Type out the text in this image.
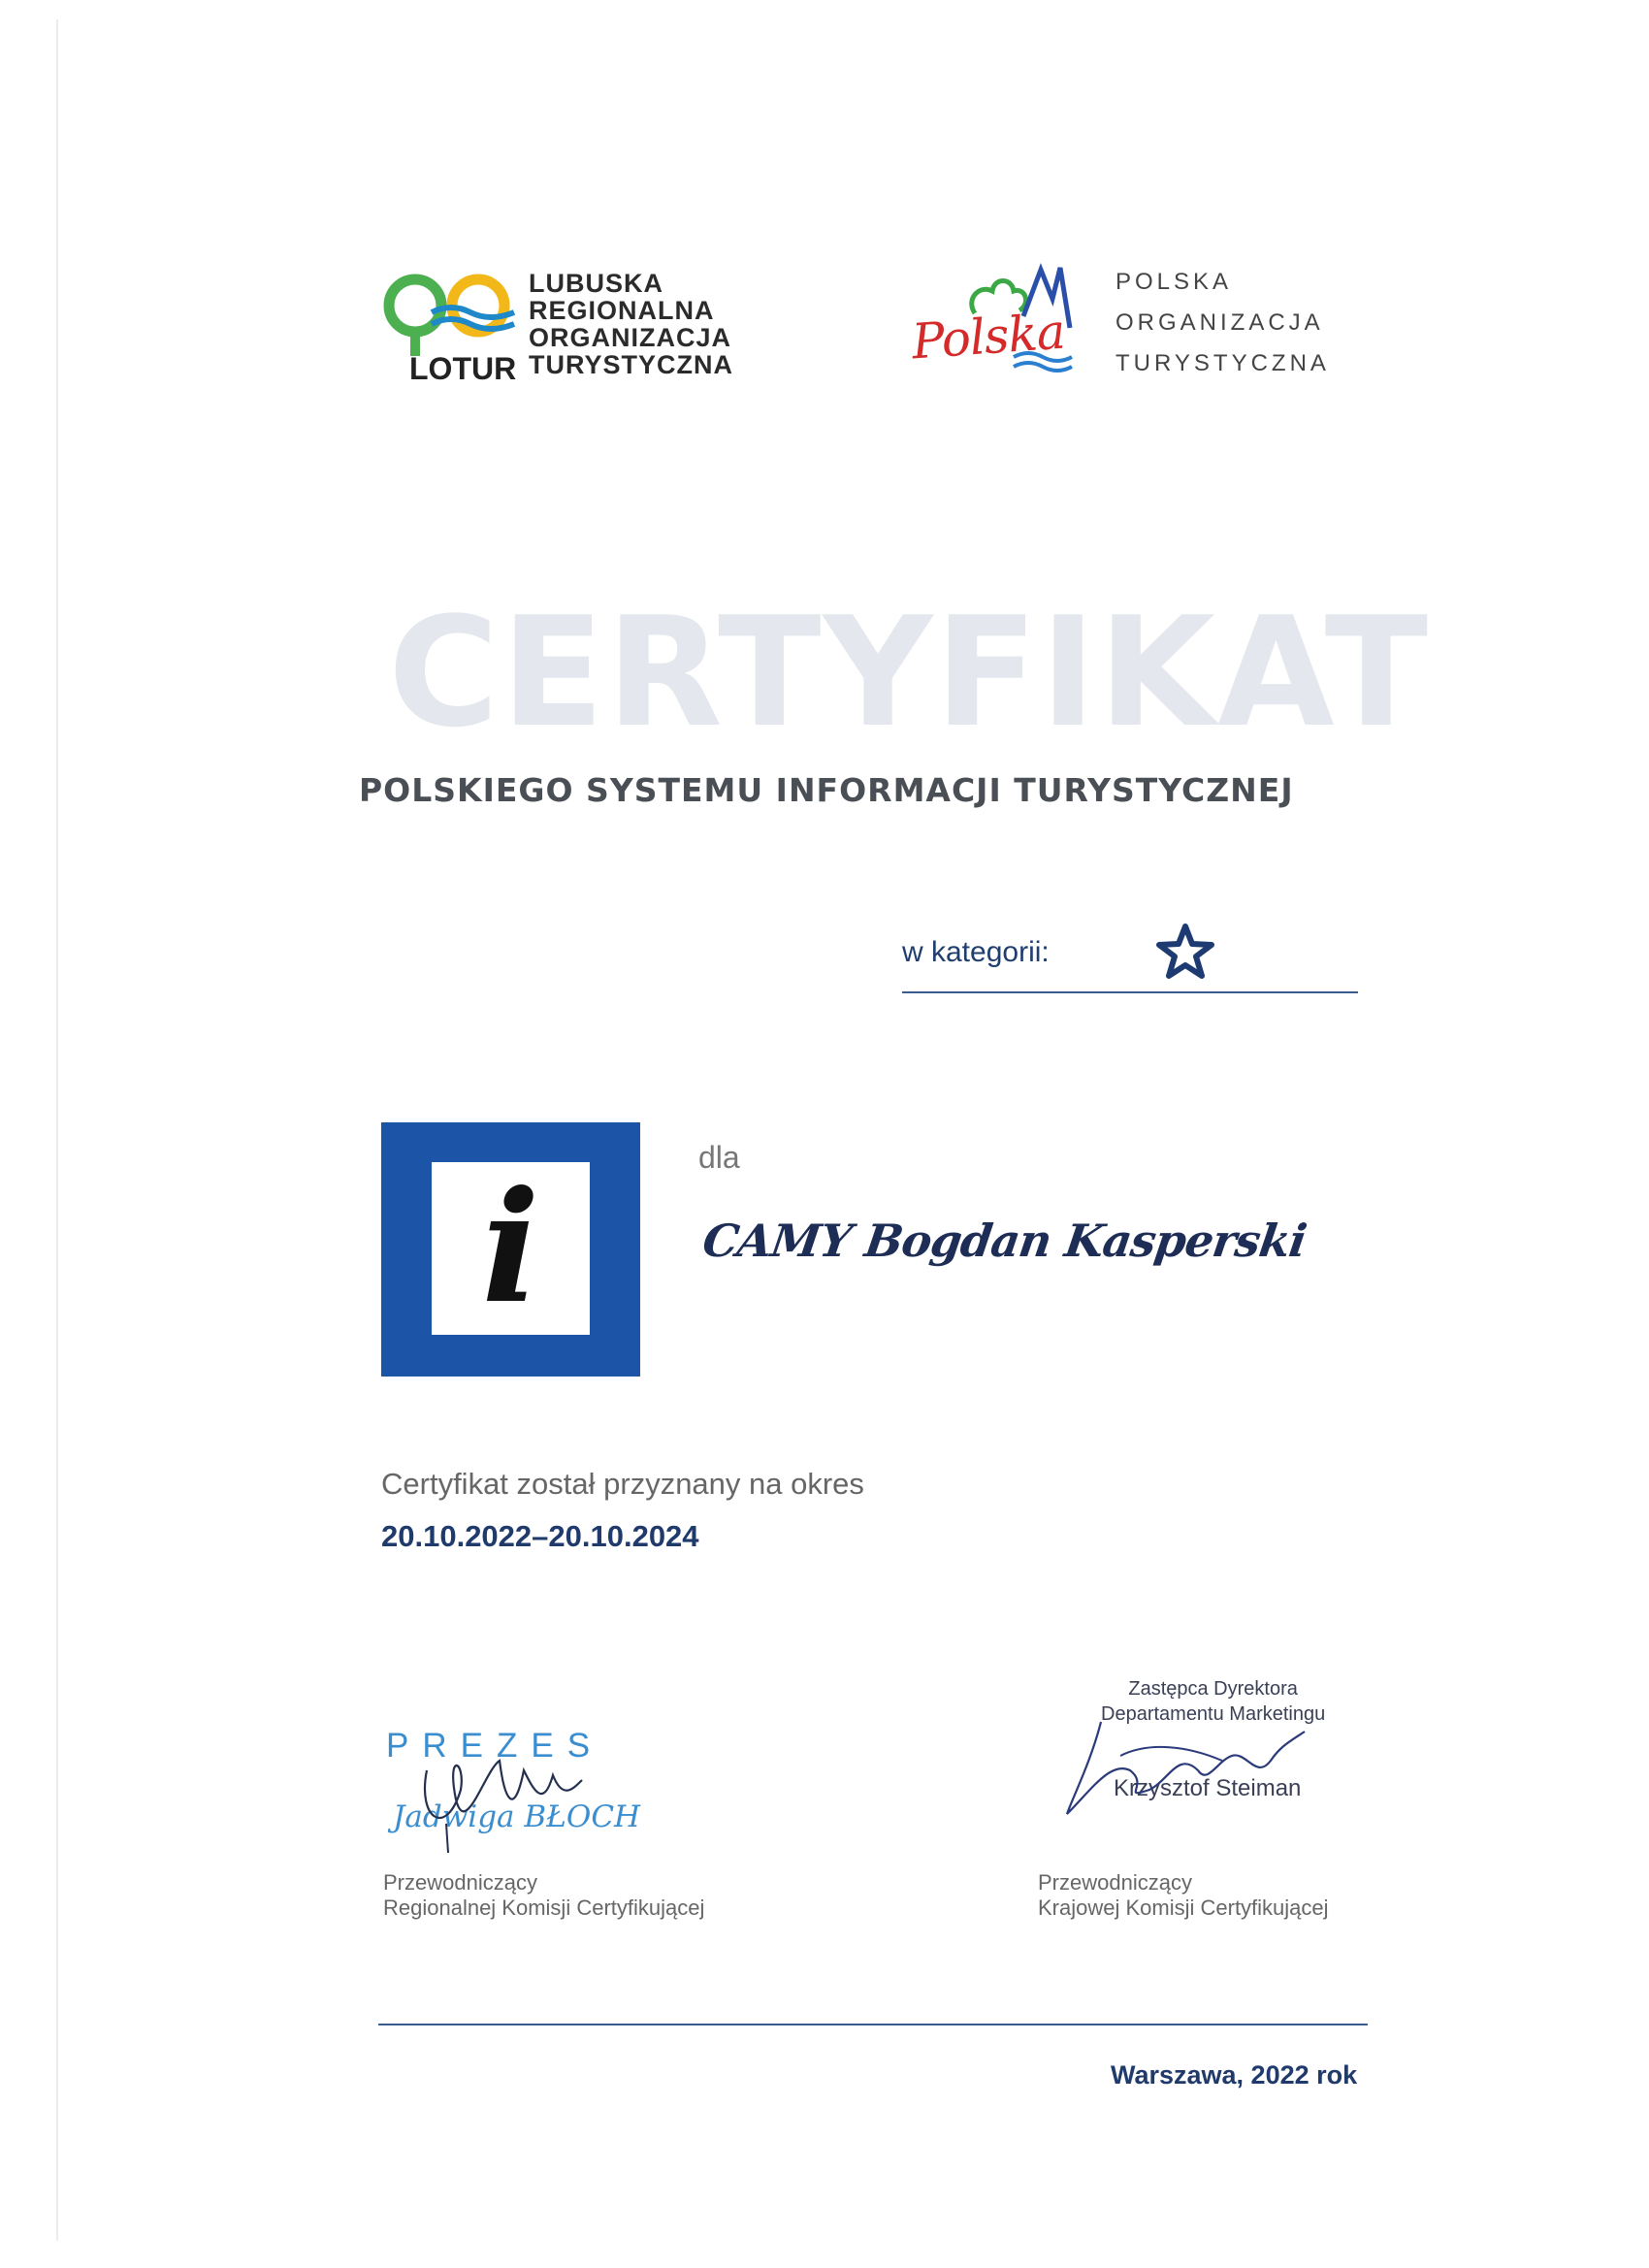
LOTUR
LUBUSKA
REGIONALNA
ORGANIZACJA
TURYSTYCZNA	Polska
POLSKA
ORGANIZACJA
TURYSTYCZNA
CERTYFIKAT
POLSKIEGO SYSTEMU INFORMACJI TURYSTYCZNEJ
w kategorii:
i
dla
CAMY Bogdan Kasperski
Certyfikat został przyznany na okres
20.10.2022–20.10.2024
PREZES
Jadwiga BŁOCH
Przewodniczący
Regionalnej Komisji Certyfikującej
Zastępca Dyrektora
Departamentu Marketingu
Krzysztof Steiman
Przewodniczący
Krajowej Komisji Certyfikującej
Warszawa, 2022 rok
